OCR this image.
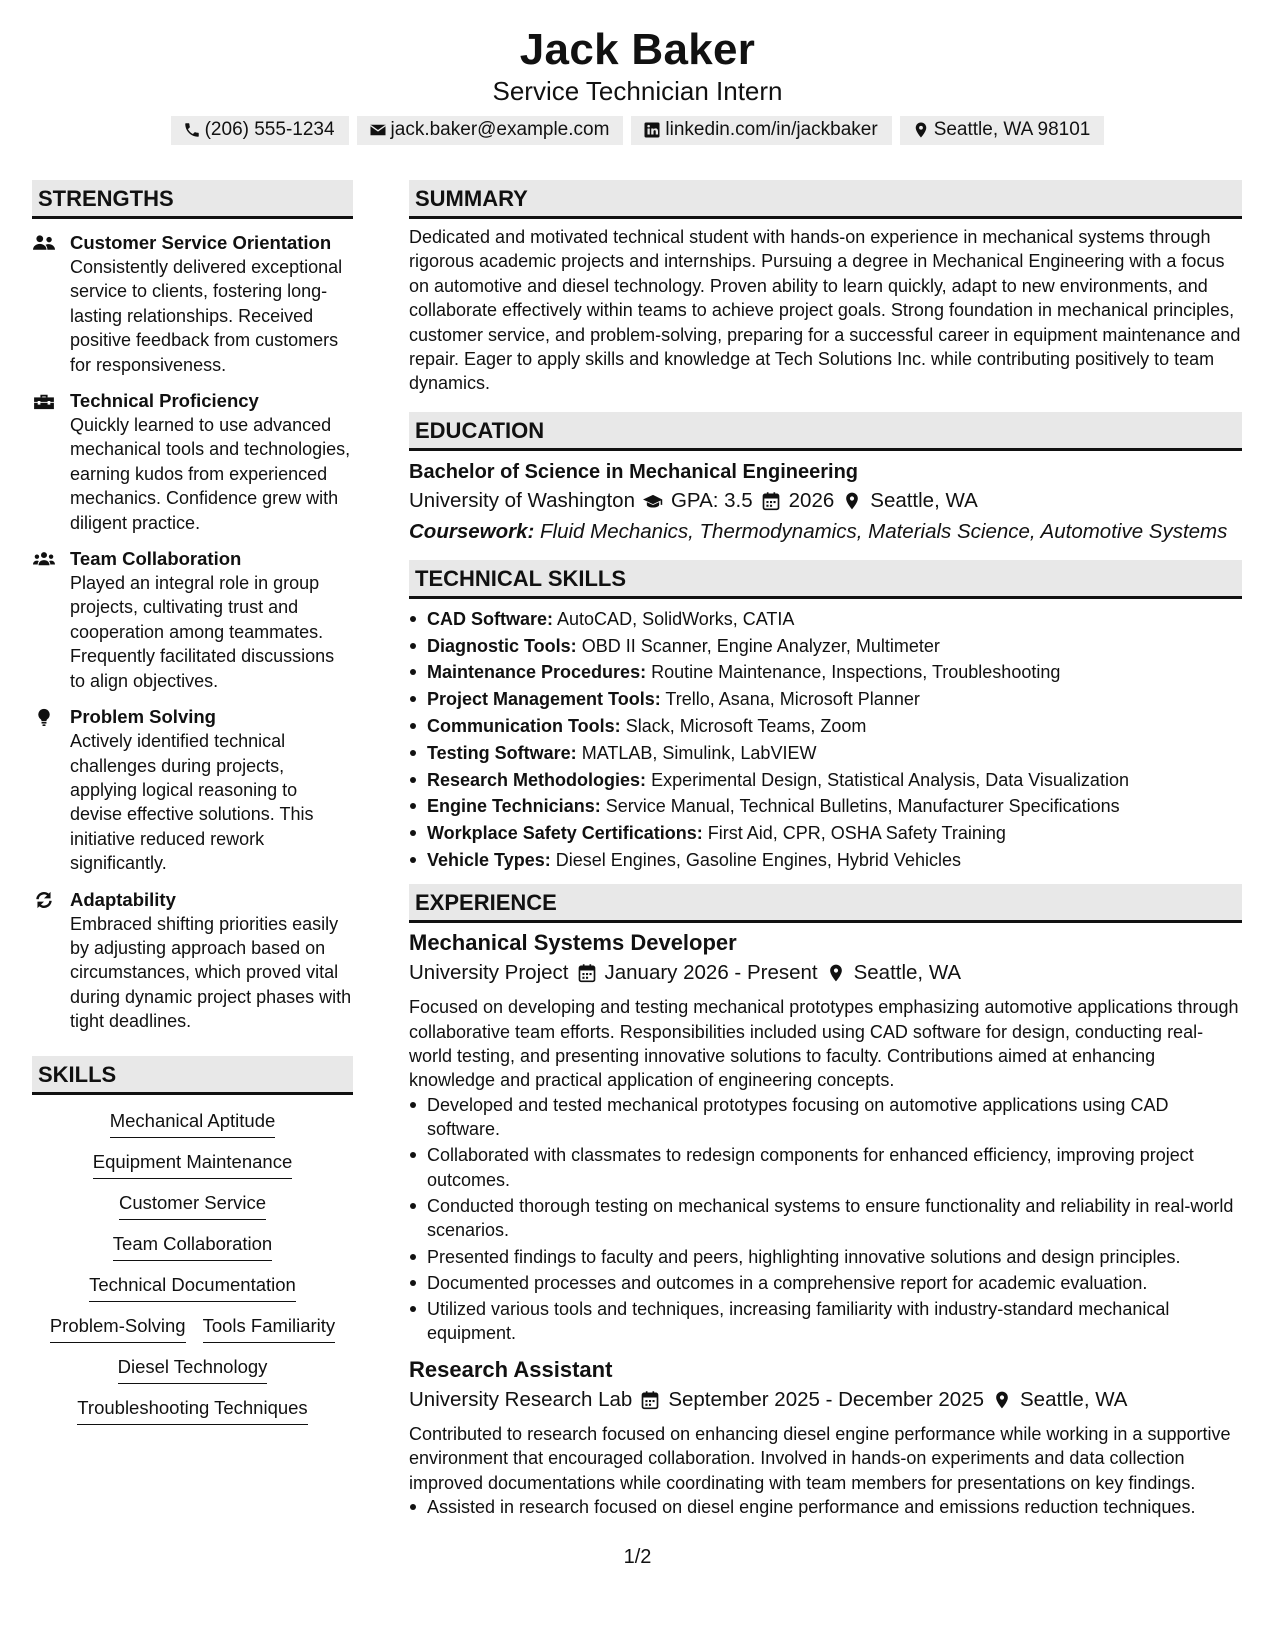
Jack Baker
Service Technician Intern
(206) 555-1234	jack.baker@example.com	linkedin.com/in/jackbaker	Seattle, WA 98101
STRENGTHS
Customer Service Orientation
Consistently delivered exceptional service to clients, fostering long-lasting relationships. Received positive feedback from customers for responsiveness.
Technical Proficiency
Quickly learned to use advanced mechanical tools and technologies, earning kudos from experienced mechanics. Confidence grew with diligent practice.
Team Collaboration
Played an integral role in group projects, cultivating trust and cooperation among teammates. Frequently facilitated discussions to align objectives.
Problem Solving
Actively identified technical challenges during projects, applying logical reasoning to devise effective solutions. This initiative reduced rework significantly.
Adaptability
Embraced shifting priorities easily by adjusting approach based on circumstances, which proved vital during dynamic project phases with tight deadlines.
SKILLS
Mechanical Aptitude
Equipment Maintenance
Customer Service
Team Collaboration
Technical Documentation
Problem-Solving Tools Familiarity
Diesel Technology
Troubleshooting Techniques
SUMMARY
Dedicated and motivated technical student with hands-on experience in mechanical systems through rigorous academic projects and internships. Pursuing a degree in Mechanical Engineering with a focus on automotive and diesel technology. Proven ability to learn quickly, adapt to new environments, and collaborate effectively within teams to achieve project goals. Strong foundation in mechanical principles, customer service, and problem-solving, preparing for a successful career in equipment maintenance and repair. Eager to apply skills and knowledge at Tech Solutions Inc. while contributing positively to team dynamics.
EDUCATION
Bachelor of Science in Mechanical Engineering
University of Washington GPA: 3.5 2026 Seattle, WA
Coursework: Fluid Mechanics, Thermodynamics, Materials Science, Automotive Systems
TECHNICAL SKILLS
CAD Software: AutoCAD, SolidWorks, CATIA
Diagnostic Tools: OBD II Scanner, Engine Analyzer, Multimeter
Maintenance Procedures: Routine Maintenance, Inspections, Troubleshooting
Project Management Tools: Trello, Asana, Microsoft Planner
Communication Tools: Slack, Microsoft Teams, Zoom
Testing Software: MATLAB, Simulink, LabVIEW
Research Methodologies: Experimental Design, Statistical Analysis, Data Visualization
Engine Technicians: Service Manual, Technical Bulletins, Manufacturer Specifications
Workplace Safety Certifications: First Aid, CPR, OSHA Safety Training
Vehicle Types: Diesel Engines, Gasoline Engines, Hybrid Vehicles
EXPERIENCE
Mechanical Systems Developer
University Project January 2026 - Present Seattle, WA
Focused on developing and testing mechanical prototypes emphasizing automotive applications through collaborative team efforts. Responsibilities included using CAD software for design, conducting real-world testing, and presenting innovative solutions to faculty. Contributions aimed at enhancing knowledge and practical application of engineering concepts.
Developed and tested mechanical prototypes focusing on automotive applications using CAD software.
Collaborated with classmates to redesign components for enhanced efficiency, improving project outcomes.
Conducted thorough testing on mechanical systems to ensure functionality and reliability in real-world scenarios.
Presented findings to faculty and peers, highlighting innovative solutions and design principles.
Documented processes and outcomes in a comprehensive report for academic evaluation.
Utilized various tools and techniques, increasing familiarity with industry-standard mechanical equipment.
Research Assistant
University Research Lab September 2025 - December 2025 Seattle, WA
Contributed to research focused on enhancing diesel engine performance while working in a supportive environment that encouraged collaboration. Involved in hands-on experiments and data collection improved documentations while coordinating with team members for presentations on key findings.
Assisted in research focused on diesel engine performance and emissions reduction techniques.
1/2
